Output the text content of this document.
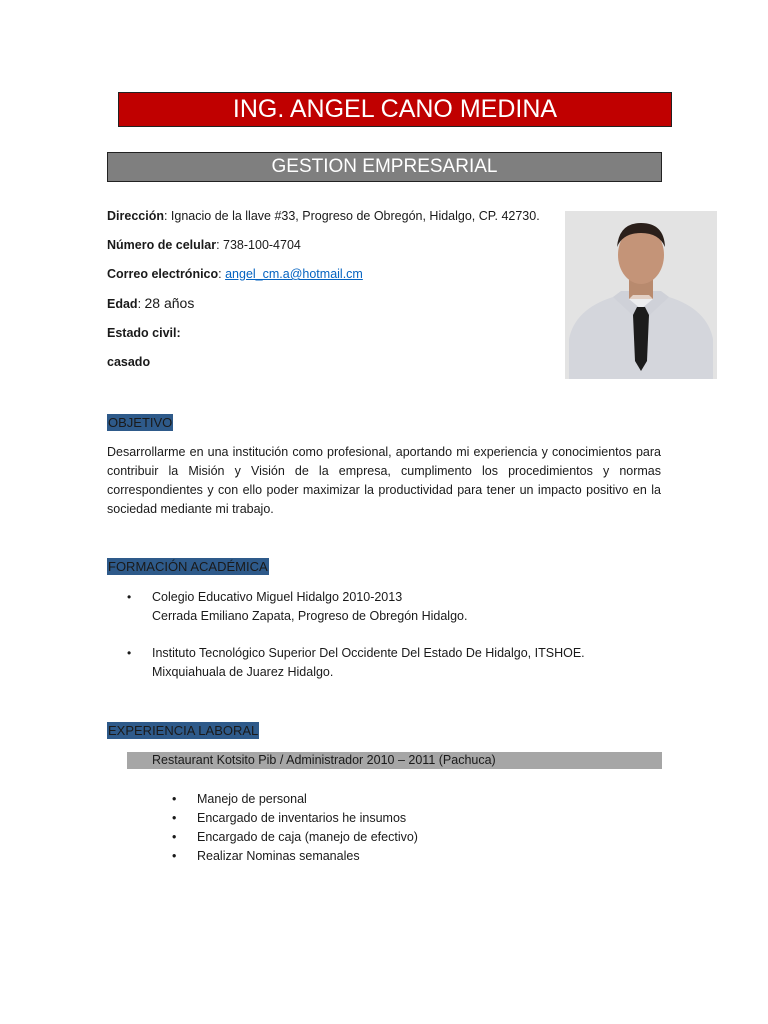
ING. ANGEL CANO MEDINA
GESTION EMPRESARIAL
Dirección: Ignacio de la llave #33, Progreso de Obregón, Hidalgo, CP. 42730.
Número de celular: 738-100-4704
Correo electrónico: angel_cm.a@hotmail.cm
Edad: 28 años
Estado civil:
casado
OBJETIVO

Desarrollarme en una institución como profesional, aportando mi experiencia y conocimientos para contribuir la Misión y Visión de la empresa, cumplimento los procedimientos y normas correspondientes y con ello poder maximizar la productividad para tener un impacto positivo en la sociedad mediante mi trabajo.

FORMACIÓN ACADÉMICA
• Colegio Educativo Miguel Hidalgo 2010-2013
Cerrada Emiliano Zapata, Progreso de Obregón Hidalgo.
• Instituto Tecnológico Superior Del Occidente Del Estado De Hidalgo, ITSHOE.
Mixquiahuala de Juarez Hidalgo.
EXPERIENCIA LABORAL
Restaurant Kotsito Pib / Administrador 2010 – 2011 (Pachuca)
• Manejo de personal
• Encargado de inventarios he insumos
• Encargado de caja (manejo de efectivo)
• Realizar Nominas semanales
